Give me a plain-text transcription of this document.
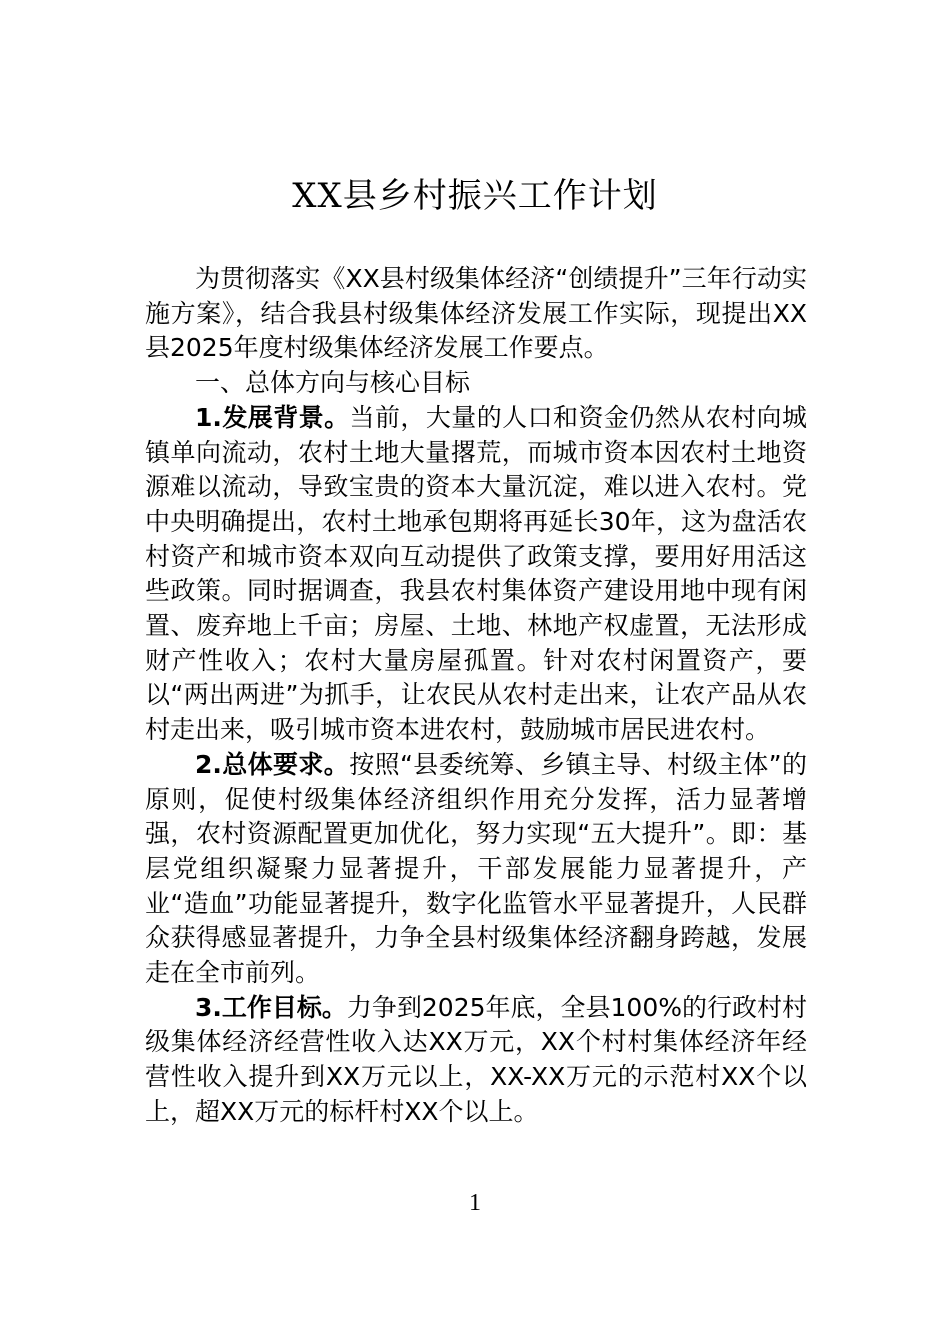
XX县乡村振兴工作计划

为贯彻落实《XX县村级集体经济“创绩提升”三年行动实施方案》，结合我县村级集体经济发展工作实际，现提出XX县2025年度村级集体经济发展工作要点。

一、总体方向与核心目标

1.发展背景。当前，大量的人口和资金仍然从农村向城镇单向流动，农村土地大量撂荒，而城市资本因农村土地资源难以流动，导致宝贵的资本大量沉淀，难以进入农村。党中央明确提出，农村土地承包期将再延长30年，这为盘活农村资产和城市资本双向互动提供了政策支撑，要用好用活这些政策。同时据调查，我县农村集体资产建设用地中现有闲置、废弃地上千亩；房屋、土地、林地产权虚置，无法形成财产性收入；农村大量房屋孤置。针对农村闲置资产，要以“两出两进”为抓手，让农民从农村走出来，让农产品从农村走出来，吸引城市资本进农村，鼓励城市居民进农村。

2.总体要求。按照“县委统筹、乡镇主导、村级主体”的原则，促使村级集体经济组织作用充分发挥，活力显著增强，农村资源配置更加优化，努力实现“五大提升”。即：基层党组织凝聚力显著提升，干部发展能力显著提升，产业“造血”功能显著提升，数字化监管水平显著提升，人民群众获得感显著提升，力争全县村级集体经济翻身跨越，发展走在全市前列。

3.工作目标。力争到2025年底，全县100%的行政村村级集体经济经营性收入达XX万元，XX个村村集体经济年经营性收入提升到XX万元以上，XX-XX万元的示范村XX个以上，超XX万元的标杆村XX个以上。

1
